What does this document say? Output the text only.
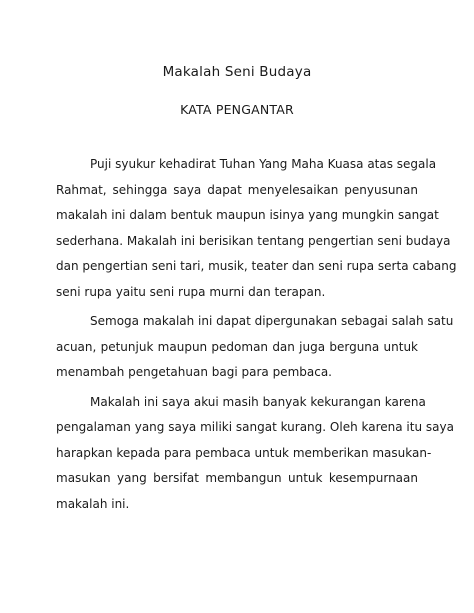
Makalah Seni Budaya
KATA PENGANTAR
Puji syukur kehadirat Tuhan Yang Maha Kuasa atas segala
Rahmat, sehingga saya dapat menyelesaikan penyusunan
makalah ini dalam bentuk maupun isinya yang mungkin sangat
sederhana. Makalah ini berisikan tentang pengertian seni budaya
dan pengertian seni tari, musik, teater dan seni rupa serta cabang
seni rupa yaitu seni rupa murni dan terapan.
Semoga makalah ini dapat dipergunakan sebagai salah satu
acuan, petunjuk maupun pedoman dan juga berguna untuk
menambah pengetahuan bagi para pembaca.
Makalah ini saya akui masih banyak kekurangan karena
pengalaman yang saya miliki sangat kurang. Oleh karena itu saya
harapkan kepada para pembaca untuk memberikan masukan-
masukan yang bersifat membangun untuk kesempurnaan
makalah ini.
